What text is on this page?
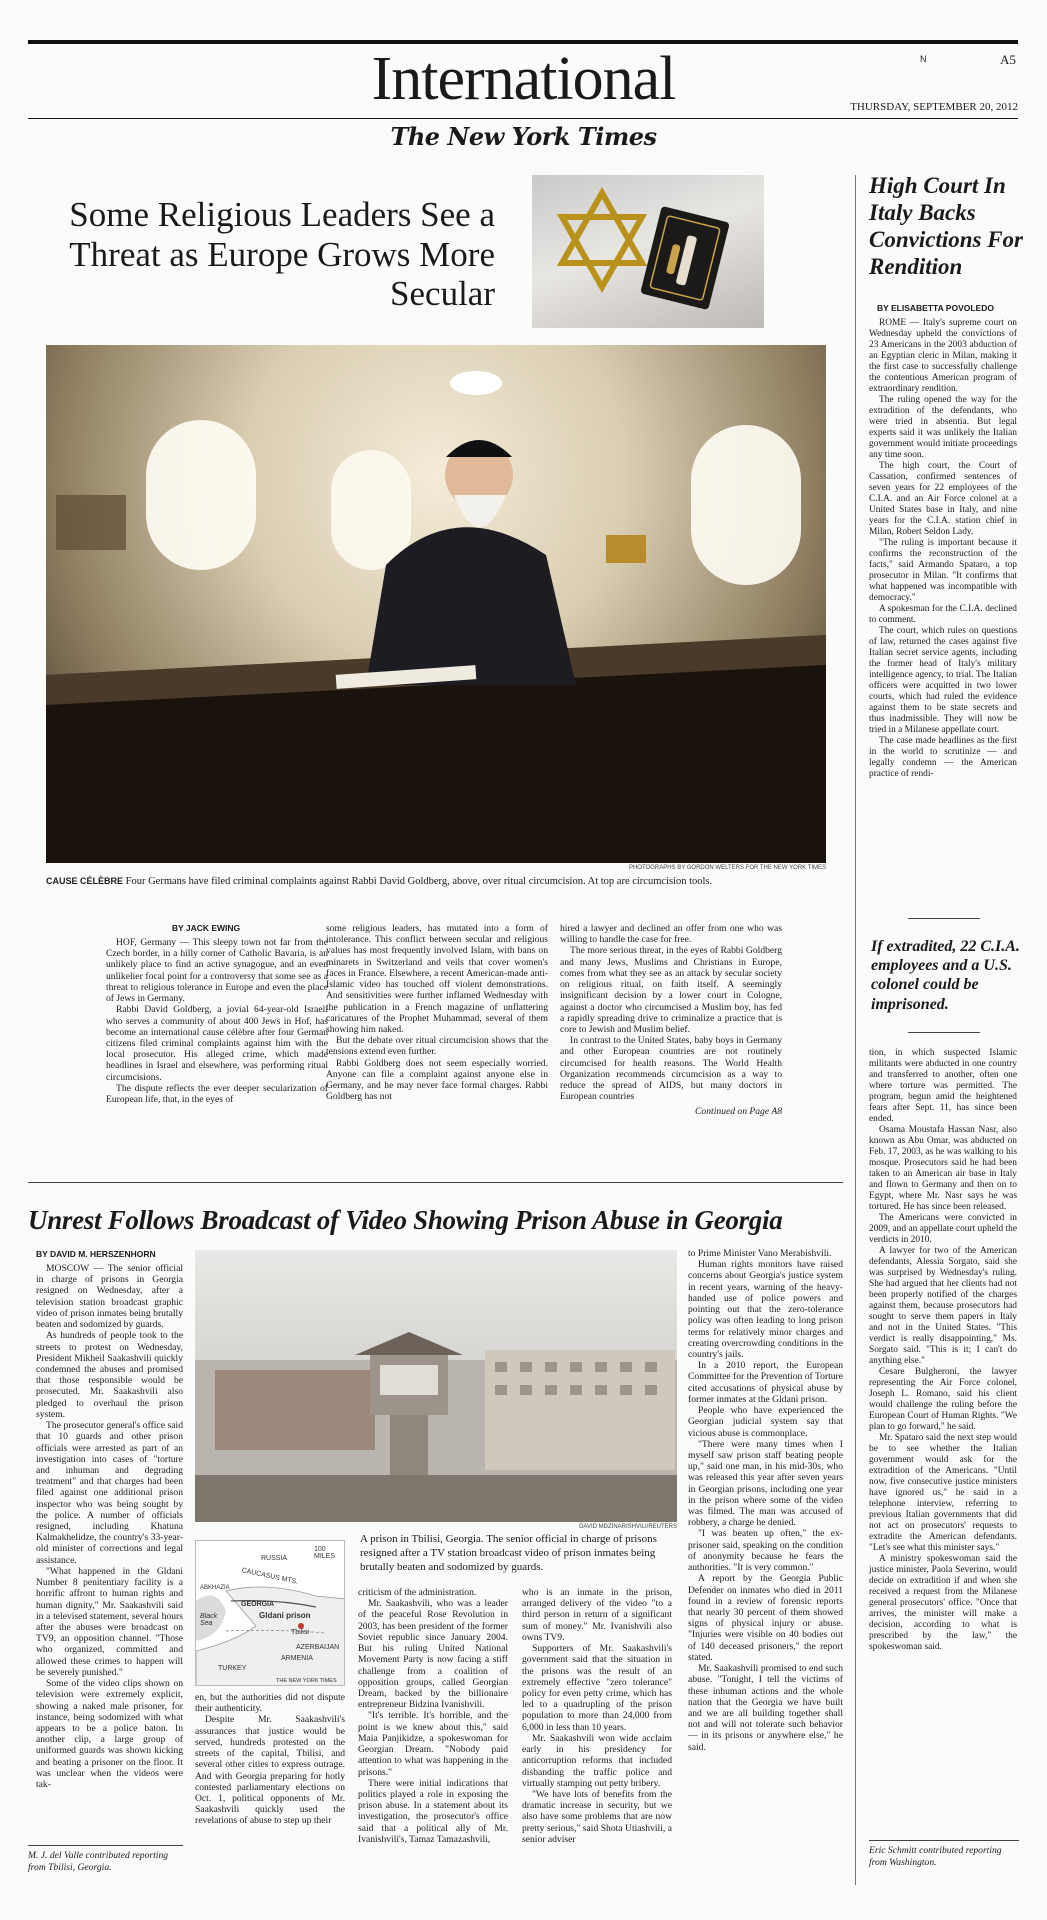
International	N	A5
THURSDAY, SEPTEMBER 20, 2012
The New York Times
Some Religious Leaders See a Threat as Europe Grows More Secular
PHOTOGRAPHS BY GORDON WELTERS FOR THE NEW YORK TIMES
CAUSE CÉLÈBRE Four Germans have filed criminal complaints against Rabbi David Goldberg, above, over ritual circumcision. At top are circumcision tools.
BY JACK EWING

HOF, Germany — This sleepy town not far from the Czech border, in a hilly corner of Catholic Bavaria, is an unlikely place to find an active synagogue, and an even unlikelier focal point for a controversy that some see as a threat to religious tolerance in Europe and even the place of Jews in Germany.

Rabbi David Goldberg, a jovial 64-year-old Israeli who serves a community of about 400 Jews in Hof, has become an international cause célèbre after four German citizens filed criminal complaints against him with the local prosecutor. His alleged crime, which made headlines in Israel and elsewhere, was performing ritual circumcisions.

The dispute reflects the ever deeper secularization of European life, that, in the eyes of

some religious leaders, has mutated into a form of intolerance. This conflict between secular and religious values has most frequently involved Islam, with bans on minarets in Switzerland and veils that cover women's faces in France. Elsewhere, a recent American-made anti-Islamic video has touched off violent demonstrations. And sensitivities were further inflamed Wednesday with the publication in a French magazine of unflattering caricatures of the Prophet Muhammad, several of them showing him naked.

But the debate over ritual circumcision shows that the tensions extend even further.

Rabbi Goldberg does not seem especially worried. Anyone can file a complaint against anyone else in Germany, and he may never face formal charges. Rabbi Goldberg has not

hired a lawyer and declined an offer from one who was willing to handle the case for free.

The more serious threat, in the eyes of Rabbi Goldberg and many Jews, Muslims and Christians in Europe, comes from what they see as an attack by secular society on religious ritual, on faith itself. A seemingly insignificant decision by a lower court in Cologne, against a doctor who circumcised a Muslim boy, has fed a rapidly spreading drive to criminalize a practice that is core to Jewish and Muslim belief.

In contrast to the United States, baby boys in Germany and other European countries are not routinely circumcised for health reasons. The World Health Organization recommends circumcision as a way to reduce the spread of AIDS, but many doctors in European countries

Continued on Page A8
High Court In Italy Backs Convictions For Rendition
BY ELISABETTA POVOLEDO

ROME — Italy's supreme court on Wednesday upheld the convictions of 23 Americans in the 2003 abduction of an Egyptian cleric in Milan, making it the first case to successfully challenge the contentious American program of extraordinary rendition.

The ruling opened the way for the extradition of the defendants, who were tried in absentia. But legal experts said it was unlikely the Italian government would initiate proceedings any time soon.

The high court, the Court of Cassation, confirmed sentences of seven years for 22 employees of the C.I.A. and an Air Force colonel at a United States base in Italy, and nine years for the C.I.A. station chief in Milan, Robert Seldon Lady.

"The ruling is important because it confirms the reconstruction of the facts," said Armando Spataro, a top prosecutor in Milan. "It confirms that what happened was incompatible with democracy."

A spokesman for the C.I.A. declined to comment.

The court, which rules on questions of law, returned the cases against five Italian secret service agents, including the former head of Italy's military intelligence agency, to trial. The Italian officers were acquitted in two lower courts, which had ruled the evidence against them to be state secrets and thus inadmissible. They will now be tried in a Milanese appellate court.

The case made headlines as the first in the world to scrutinize — and legally condemn — the American practice of rendi-

If extradited, 22 C.I.A. employees and a U.S. colonel could be imprisoned.

tion, in which suspected Islamic militants were abducted in one country and transferred to another, often one where torture was permitted. The program, begun amid the heightened fears after Sept. 11, has since been ended.

Osama Moustafa Hassan Nasr, also known as Abu Omar, was abducted on Feb. 17, 2003, as he was walking to his mosque. Prosecutors said he had been taken to an American air base in Italy and flown to Germany and then on to Egypt, where Mr. Nasr says he was tortured. He has since been released.

The Americans were convicted in 2009, and an appellate court upheld the verdicts in 2010.

A lawyer for two of the American defendants, Alessia Sorgato, said she was surprised by Wednesday's ruling. She had argued that her clients had not been properly notified of the charges against them, because prosecutors had sought to serve them papers in Italy and not in the United States. "This verdict is really disappointing," Ms. Sorgato said. "This is it; I can't do anything else."

Cesare Bulgheroni, the lawyer representing the Air Force colonel, Joseph L. Romano, said his client would challenge the ruling before the European Court of Human Rights. "We plan to go forward," he said.

Mr. Spataro said the next step would be to see whether the Italian government would ask for the extradition of the Americans. "Until now, five consecutive justice ministers have ignored us," he said in a telephone interview, referring to previous Italian governments that did not act on prosecutors' requests to extradite the American defendants. "Let's see what this minister says."

A ministry spokeswoman said the justice minister, Paola Severino, would decide on extradition if and when she received a request from the Milanese general prosecutors' office. "Once that arrives, the minister will make a decision, according to what is prescribed by the law," the spokeswoman said.

Eric Schmitt contributed reporting from Washington.
Unrest Follows Broadcast of Video Showing Prison Abuse in Georgia
BY DAVID M. HERSZENHORN

MOSCOW — The senior official in charge of prisons in Georgia resigned on Wednesday, after a television station broadcast graphic video of prison inmates being brutally beaten and sodomized by guards.

As hundreds of people took to the streets to protest on Wednesday, President Mikheil Saakashvili quickly condemned the abuses and promised that those responsible would be prosecuted. Mr. Saakashvili also pledged to overhaul the prison system.

The prosecutor general's office said that 10 guards and other prison officials were arrested as part of an investigation into cases of "torture and inhuman and degrading treatment" and that charges had been filed against one additional prison inspector who was being sought by the police. A number of officials resigned, including Khatuna Kalmakhelidze, the country's 33-year-old minister of corrections and legal assistance.

"What happened in the Gldani Number 8 penitentiary facility is a horrific affront to human rights and human dignity," Mr. Saakashvili said in a televised statement, several hours after the abuses were broadcast on TV9, an opposition channel. "Those who organized, committed and allowed these crimes to happen will be severely punished."

Some of the video clips shown on television were extremely explicit, showing a naked male prisoner, for instance, being sodomized with what appears to be a police baton. In another clip, a large group of uniformed guards was shown kicking and beating a prisoner on the floor. It was unclear when the videos were tak-

M. J. del Valle contributed reporting from Tbilisi, Georgia.
DAVID MDZINARISHVILI/REUTERS
A prison in Tbilisi, Georgia. The senior official in charge of prisons resigned after a TV station broadcast video of prison inmates being brutally beaten and sodomized by guards.
100 MILES
RUSSIA
CAUCASUS MTS.
ABKHAZIA
GEORGIA
Gldani prison
Tbilisi
Black Sea
AZERBAIJAN
ARMENIA
TURKEY
THE NEW YORK TIMES

en, but the authorities did not dispute their authenticity.

Despite Mr. Saakashvili's assurances that justice would be served, hundreds protested on the streets of the capital, Tbilisi, and several other cities to express outrage. And with Georgia preparing for hotly contested parliamentary elections on Oct. 1, political opponents of Mr. Saakashvili quickly used the revelations of abuse to step up their

criticism of the administration.

Mr. Saakashvili, who was a leader of the peaceful Rose Revolution in 2003, has been president of the former Soviet republic since January 2004. But his ruling United National Movement Party is now facing a stiff challenge from a coalition of opposition groups, called Georgian Dream, backed by the billionaire entrepreneur Bidzina Ivanishvili.

"It's terrible. It's horrible, and the point is we knew about this," said Maia Panjikidze, a spokeswoman for Georgian Dream. "Nobody paid attention to what was happening in the prisons."

There were initial indications that politics played a role in exposing the prison abuse. In a statement about its investigation, the prosecutor's office said that a political ally of Mr. Ivanishvili's, Tamaz Tamazashvili,

who is an inmate in the prison, arranged delivery of the video "to a third person in return of a significant sum of money." Mr. Ivanishvili also owns TV9.

Supporters of Mr. Saakashvili's government said that the situation in the prisons was the result of an extremely effective "zero tolerance" policy for even petty crime, which has led to a quadrupling of the prison population to more than 24,000 from 6,000 in less than 10 years.

Mr. Saakashvili won wide acclaim early in his presidency for anticorruption reforms that included disbanding the traffic police and virtually stamping out petty bribery.

"We have lots of benefits from the dramatic increase in security, but we also have some problems that are now pretty serious," said Shota Utiashvili, a senior adviser

to Prime Minister Vano Merabishvili.

Human rights monitors have raised concerns about Georgia's justice system in recent years, warning of the heavy-handed use of police powers and pointing out that the zero-tolerance policy was often leading to long prison terms for relatively minor charges and creating overcrowding conditions in the country's jails.

In a 2010 report, the European Committee for the Prevention of Torture cited accusations of physical abuse by former inmates at the Gldani prison.

People who have experienced the Georgian judicial system say that vicious abuse is commonplace.

"There were many times when I myself saw prison staff beating people up," said one man, in his mid-30s, who was released this year after seven years in Georgian prisons, including one year in the prison where some of the video was filmed. The man was accused of robbery, a charge he denied.

"I was beaten up often," the ex-prisoner said, speaking on the condition of anonymity because he fears the authorities. "It is very common."

A report by the Georgia Public Defender on inmates who died in 2011 found in a review of forensic reports that nearly 30 percent of them showed signs of physical injury or abuse. "Injuries were visible on 40 bodies out of 140 deceased prisoners," the report stated.

Mr. Saakashvili promised to end such abuse. "Tonight, I tell the victims of these inhuman actions and the whole nation that the Georgia we have built and we are all building together shall not and will not tolerate such behavior — in its prisons or anywhere else," he said.
